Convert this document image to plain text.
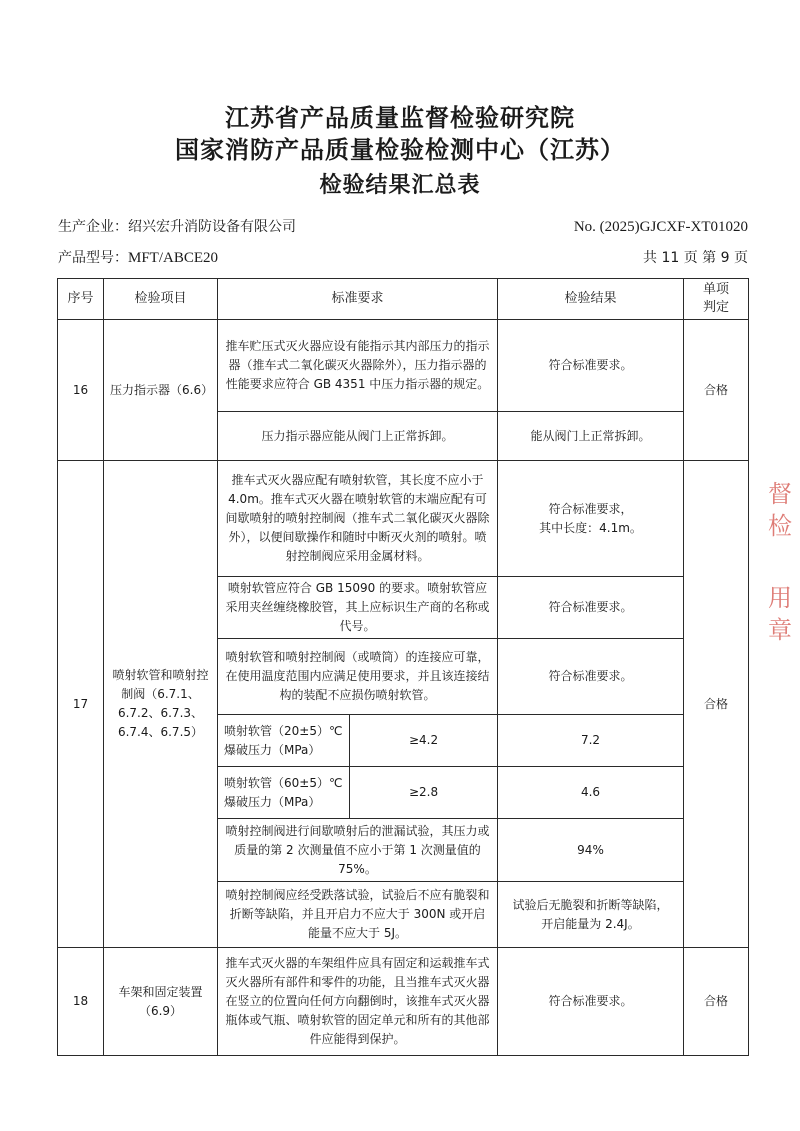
江苏省产品质量监督检验研究院
国家消防产品质量检验检测中心（江苏）
检验结果汇总表
生产企业：绍兴宏升消防设备有限公司	No. (2025)GJCXF-XT01020
产品型号：MFT/ABCE20	共 11 页 第 9 页
序号	检验项目	标准要求		检验结果	单项
判定
16	压力指示器（6.6）	推车贮压式灭火器应设有能指示其内部压力的指示器（推车式二氧化碳灭火器除外），压力指示器的性能要求应符合 GB 4351 中压力指示器的规定。		符合标准要求。	合格
		压力指示器应能从阀门上正常拆卸。		能从阀门上正常拆卸。	
17	喷射软管和喷射控制阀（6.7.1、6.7.2、6.7.3、6.7.4、6.7.5）	推车式灭火器应配有喷射软管，其长度不应小于 4.0m。推车式灭火器在喷射软管的末端应配有可间歇喷射的喷射控制阀（推车式二氧化碳灭火器除外），以便间歇操作和随时中断灭火剂的喷射。喷射控制阀应采用金属材料。		符合标准要求，
其中长度：4.1m。	合格
		喷射软管应符合 GB 15090 的要求。喷射软管应采用夹丝缠绕橡胶管，其上应标识生产商的名称或代号。		符合标准要求。	
		喷射软管和喷射控制阀（或喷筒）的连接应可靠，在使用温度范围内应满足使用要求，并且该连接结构的装配不应损伤喷射软管。		符合标准要求。	
		喷射软管（20±5）℃
爆破压力（MPa）	≥4.2	7.2	
		喷射软管（60±5）℃
爆破压力（MPa）	≥2.8	4.6	
		喷射控制阀进行间歇喷射后的泄漏试验，其压力或质量的第 2 次测量值不应小于第 1 次测量值的 75%。		94%	
		喷射控制阀应经受跌落试验，试验后不应有脆裂和折断等缺陷，并且开启力不应大于 300N 或开启能量不应大于 5J。		试验后无脆裂和折断等缺陷，
开启能量为 2.4J。	
18	车架和固定装置（6.9）	推车式灭火器的车架组件应具有固定和运载推车式灭火器所有部件和零件的功能，且当推车式灭火器在竖立的位置向任何方向翻倒时，该推车式灭火器瓶体或气瓶、喷射软管的固定单元和所有的其他部件应能得到保护。		符合标准要求。	合格
督
检
用
章
